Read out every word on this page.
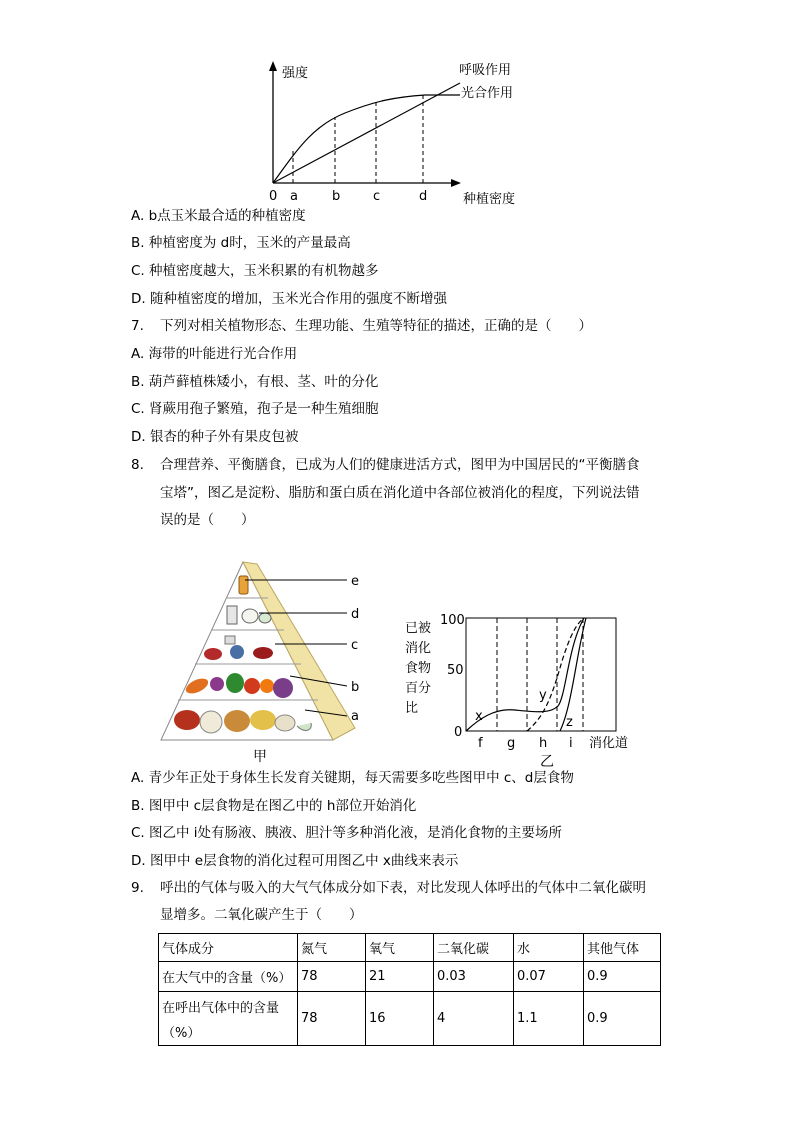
强度
0 a	b	c	d	种植密度
呼吸作用
光合作用
A. b点玉米最合适的种植密度
B. 种植密度为 d时，玉米的产量最高
C. 种植密度越大，玉米积累的有机物越多
D. 随种植密度的增加，玉米光合作用的强度不断增强
7. 下列对相关植物形态、生理功能、生殖等特征的描述，正确的是（　　）
A. 海带的叶能进行光合作用
B. 葫芦藓植株矮小，有根、茎、叶的分化
C. 肾蕨用孢子繁殖，孢子是一种生殖细胞
D. 银杏的种子外有果皮包被
8. 合理营养、平衡膳食，已成为人们的健康进活方式，图甲为中国居民的“平衡膳食
宝塔”，图乙是淀粉、脂肪和蛋白质在消化道中各部位被消化的程度，下列说法错
误的是（　　）
e
d
c
b
a
甲
已被
消化
食物
百分
比
100
50
0
x
y
z
f g h i 消化道
乙
A. 青少年正处于身体生长发育关键期，每天需要多吃些图甲中 c、d层食物
B. 图甲中 c层食物是在图乙中的 h部位开始消化
C. 图乙中 i处有肠液、胰液、胆汁等多种消化液，是消化食物的主要场所
D. 图甲中 e层食物的消化过程可用图乙中 x曲线来表示
9. 呼出的气体与吸入的大气气体成分如下表，对比发现人体呼出的气体中二氧化碳明
显增多。二氧化碳产生于（　　）
气体成分	氮气	氧气	二氧化碳	水	其他气体
在大气中的含量（%）	78	21	0.03	0.07	0.9

在呼出气体中的含量
（%）	78	16	4	1.1	0.9
